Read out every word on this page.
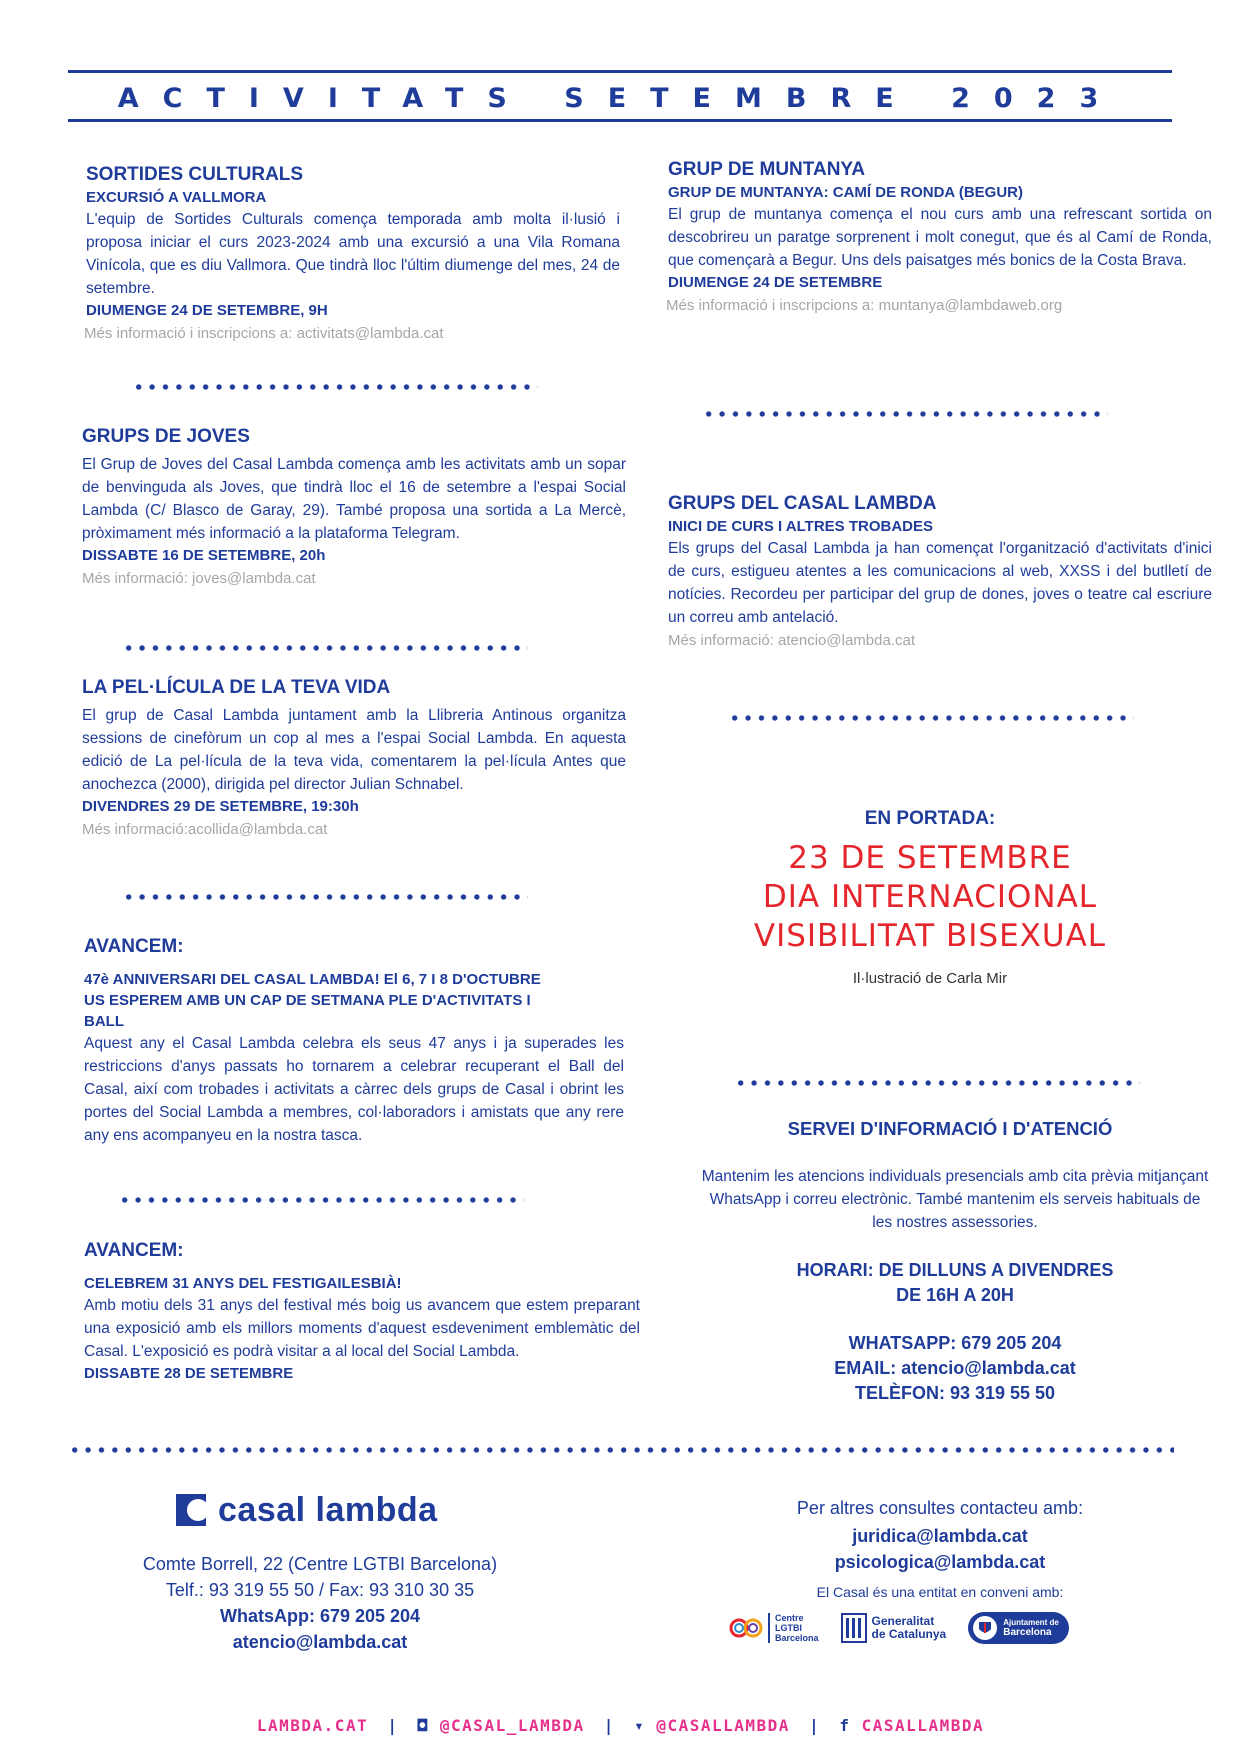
ACTIVITATS SETEMBRE 2023
SORTIDES CULTURALS
EXCURSIÓ A VALLMORA
L'equip de Sortides Culturals comença temporada amb molta il·lusió i proposa iniciar el curs 2023-2024 amb una excursió a una Vila Romana Vinícola, que es diu Vallmora. Que tindrà lloc l'últim diumenge del mes, 24 de setembre.
DIUMENGE 24 DE SETEMBRE, 9H
Més informació i inscripcions a: activitats@lambda.cat
GRUPS DE JOVES
El Grup de Joves del Casal Lambda comença amb les activitats amb un sopar de benvinguda als Joves, que tindrà lloc el 16 de setembre a l'espai Social Lambda (C/ Blasco de Garay, 29). També proposa una sortida a La Mercè, pròximament més informació a la plataforma Telegram.
DISSABTE 16 DE SETEMBRE, 20h
Més informació: joves@lambda.cat
LA PEL·LÍCULA DE LA TEVA VIDA
El grup de Casal Lambda juntament amb la Llibreria Antinous organitza sessions de cinefòrum un cop al mes a l'espai Social Lambda. En aquesta edició de La pel·lícula de la teva vida, comentarem la pel·lícula Antes que anochezca (2000), dirigida pel director Julian Schnabel.
DIVENDRES 29 DE SETEMBRE, 19:30h
Més informació:acollida@lambda.cat
AVANCEM:
47è ANNIVERSARI DEL CASAL LAMBDA! El 6, 7 I 8 D'OCTUBRE
US ESPEREM AMB UN CAP DE SETMANA PLE D'ACTIVITATS I
BALL
Aquest any el Casal Lambda celebra els seus 47 anys i ja superades les restriccions d'anys passats ho tornarem a celebrar recuperant el Ball del Casal, així com trobades i activitats a càrrec dels grups de Casal i obrint les portes del Social Lambda a membres, col·laboradors i amistats que any rere any ens acompanyeu en la nostra tasca.
AVANCEM:
CELEBREM 31 ANYS DEL FESTIGAILESBIÀ!
Amb motiu dels 31 anys del festival més boig us avancem que estem preparant una exposició amb els millors moments d'aquest esdeveniment emblemàtic del Casal. L'exposició es podrà visitar a al local del Social Lambda.
DISSABTE 28 DE SETEMBRE
GRUP DE MUNTANYA
GRUP DE MUNTANYA: CAMÍ DE RONDA (BEGUR)
El grup de muntanya comença el nou curs amb una refrescant sortida on descobrireu un paratge sorprenent i molt conegut, que és al Camí de Ronda, que començarà a Begur. Uns dels paisatges més bonics de la Costa Brava.
DIUMENGE 24 DE SETEMBRE
Més informació i inscripcions a: muntanya@lambdaweb.org
GRUPS DEL CASAL LAMBDA
INICI DE CURS I ALTRES TROBADES
Els grups del Casal Lambda ja han començat l'organització d'activitats d'inici de curs, estigueu atentes a les comunicacions al web, XXSS i del butlletí de notícies. Recordeu per participar del grup de dones, joves o teatre cal escriure un correu amb antelació.
Més informació: atencio@lambda.cat
EN PORTADA:
23 DE SETEMBRE
DIA INTERNACIONAL
VISIBILITAT BISEXUAL
Il·lustració de Carla Mir
SERVEI D'INFORMACIÓ I D'ATENCIÓ
Mantenim les atencions individuals presencials amb cita prèvia mitjançant WhatsApp i correu electrònic. També mantenim els serveis habituals de les nostres assessories.
HORARI: DE DILLUNS A DIVENDRES
DE 16H A 20H
WHATSAPP: 679 205 204
EMAIL: atencio@lambda.cat
TELÈFON: 93 319 55 50
casal lambda
Comte Borrell, 22 (Centre LGTBI Barcelona)
Telf.: 93 319 55 50 / Fax: 93 310 30 35
WhatsApp: 679 205 204
atencio@lambda.cat
Per altres consultes contacteu amb:
juridica@lambda.cat
psicologica@lambda.cat
El Casal és una entitat en conveni amb:
Centre
LGTBI
Barcelona
Generalitat
de Catalunya
Ajuntament de
Barcelona
LAMBDA.CAT | ◘ @CASAL_LAMBDA | ▾ @CASALLAMBDA | f CASALLAMBDA
